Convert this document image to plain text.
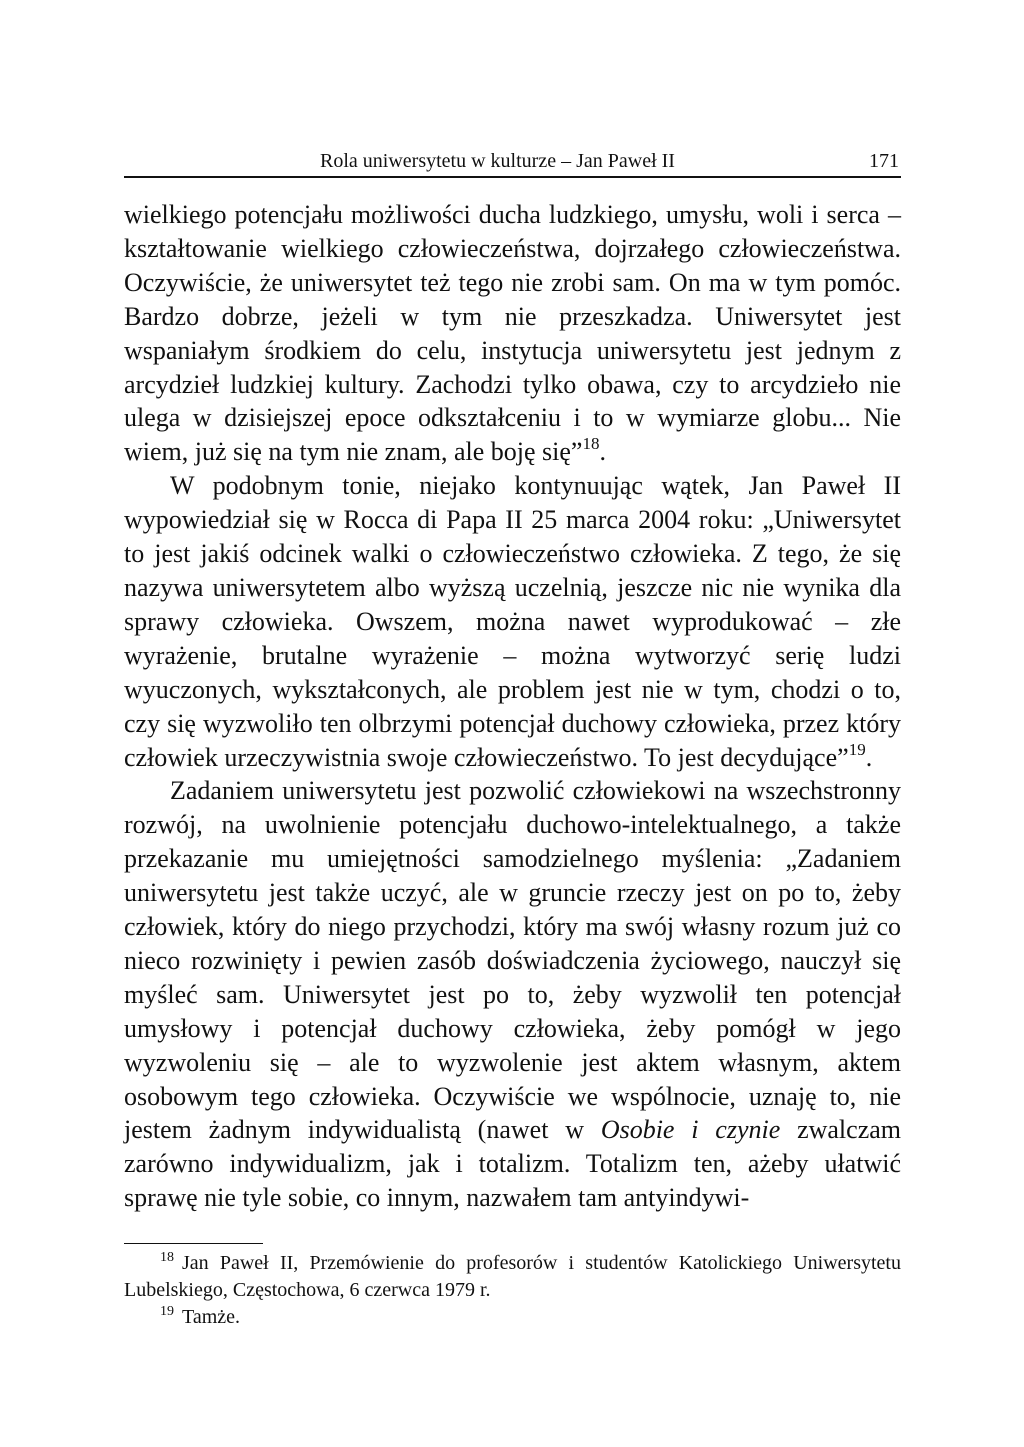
Rola uniwersytetu w kulturze – Jan Paweł II	171

wielkiego potencjału możliwości ducha ludzkiego, umysłu, woli i serca – kształtowanie wielkiego człowieczeństwa, dojrzałego człowieczeństwa. Oczywiście, że uniwersytet też tego nie zrobi sam. On ma w tym pomóc. Bardzo dobrze, jeżeli w tym nie przeszkadza. Uniwersytet jest wspaniałym środkiem do celu, instytucja uniwersytetu jest jednym z arcydzieł ludzkiej kultury. Zachodzi tylko obawa, czy to arcydzieło nie ulega w dzisiejszej epoce odkształceniu i to w wymiarze globu... Nie wiem, już się na tym nie znam, ale boję się”$^{18}$.

W podobnym tonie, niejako kontynuując wątek, Jan Paweł II wypowiedział się w Rocca di Papa II 25 marca 2004 roku: „Uniwersytet to jest jakiś odcinek walki o człowieczeństwo człowieka. Z tego, że się nazywa uniwersytetem albo wyższą uczelnią, jeszcze nic nie wynika dla sprawy człowieka. Owszem, można nawet wyprodukować – złe wyrażenie, brutalne wyrażenie – można wytworzyć serię ludzi wyuczonych, wykształconych, ale problem jest nie w tym, chodzi o to, czy się wyzwoliło ten olbrzymi potencjał duchowy człowieka, przez który człowiek urzeczywistnia swoje człowieczeństwo. To jest decydujące”$^{19}$.

Zadaniem uniwersytetu jest pozwolić człowiekowi na wszechstronny rozwój, na uwolnienie potencjału duchowo-intelektualnego, a także przekazanie mu umiejętności samodzielnego myślenia: „Zadaniem uniwersytetu jest także uczyć, ale w gruncie rzeczy jest on po to, żeby człowiek, który do niego przychodzi, który ma swój własny rozum już co nieco rozwinięty i pewien zasób doświadczenia życiowego, nauczył się myśleć sam. Uniwersytet jest po to, żeby wyzwolił ten potencjał umysłowy i potencjał duchowy człowieka, żeby pomógł w jego wyzwoleniu się – ale to wyzwolenie jest aktem własnym, aktem osobowym tego człowieka. Oczywiście we wspólnocie, uznaję to, nie jestem żadnym indywidualistą (nawet w Osobie i czynie zwalczam zarówno indywidualizm, jak i totalizm. Totalizm ten, ażeby ułatwić sprawę nie tyle sobie, co innym, nazwałem tam antyindywi-

$^{18}$ Jan Paweł II, Przemówienie do profesorów i studentów Katolickiego Uniwersytetu Lubelskiego, Częstochowa, 6 czerwca 1979 r.

$^{19}$ Tamże.
